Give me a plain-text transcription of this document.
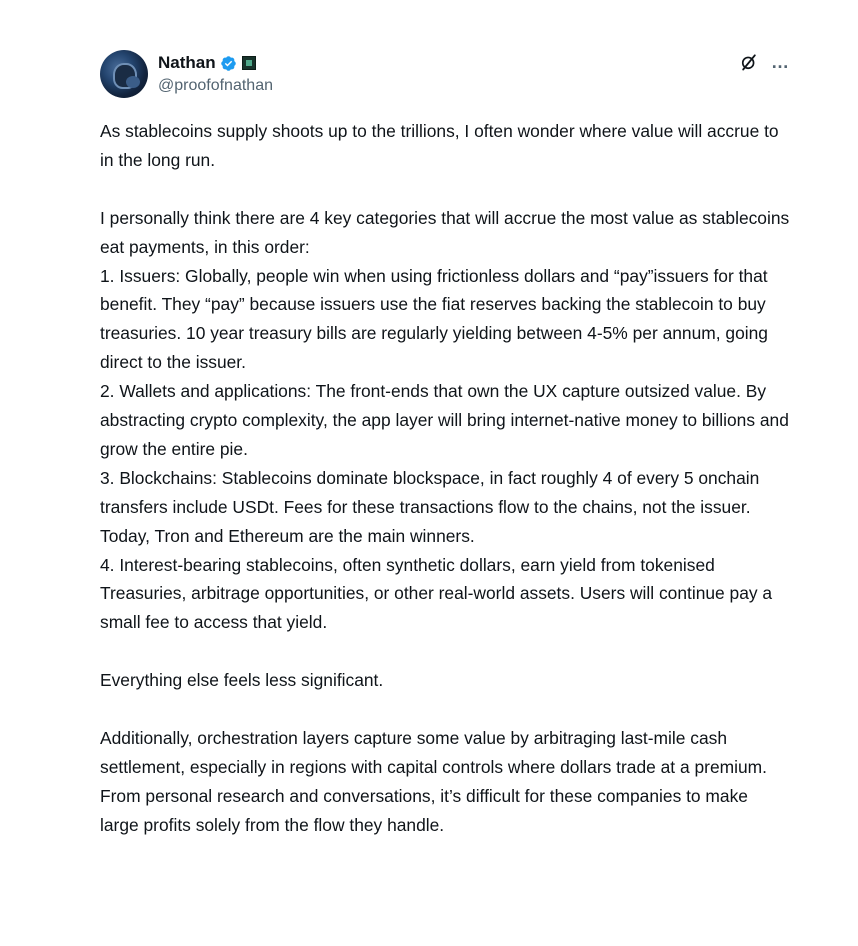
Nathan
@proofofnathan
…

As stablecoins supply shoots up to the trillions, I often wonder where value will accrue to in the long run.

I personally think there are 4 key categories that will accrue the most value as stablecoins eat payments, in this order:
1. Issuers: Globally, people win when using frictionless dollars and “pay”issuers for that benefit. They “pay” because issuers use the fiat reserves backing the stablecoin to buy treasuries. 10 year treasury bills are regularly yielding between 4-5% per annum, going direct to the issuer.
2. Wallets and applications: The front-ends that own the UX capture outsized value. By abstracting crypto complexity, the app layer will bring internet-native money to billions and grow the entire pie.
3. Blockchains: Stablecoins dominate blockspace, in fact roughly 4 of every 5 onchain transfers include USDt. Fees for these transactions flow to the chains, not the issuer. Today, Tron and Ethereum are the main winners.
4. Interest-bearing stablecoins, often synthetic dollars, earn yield from tokenised Treasuries, arbitrage opportunities, or other real-world assets. Users will continue pay a small fee to access that yield.

Everything else feels less significant.

Additionally, orchestration layers capture some value by arbitraging last-mile cash settlement, especially in regions with capital controls where dollars trade at a premium. From personal research and conversations, it’s difficult for these companies to make large profits solely from the flow they handle.
